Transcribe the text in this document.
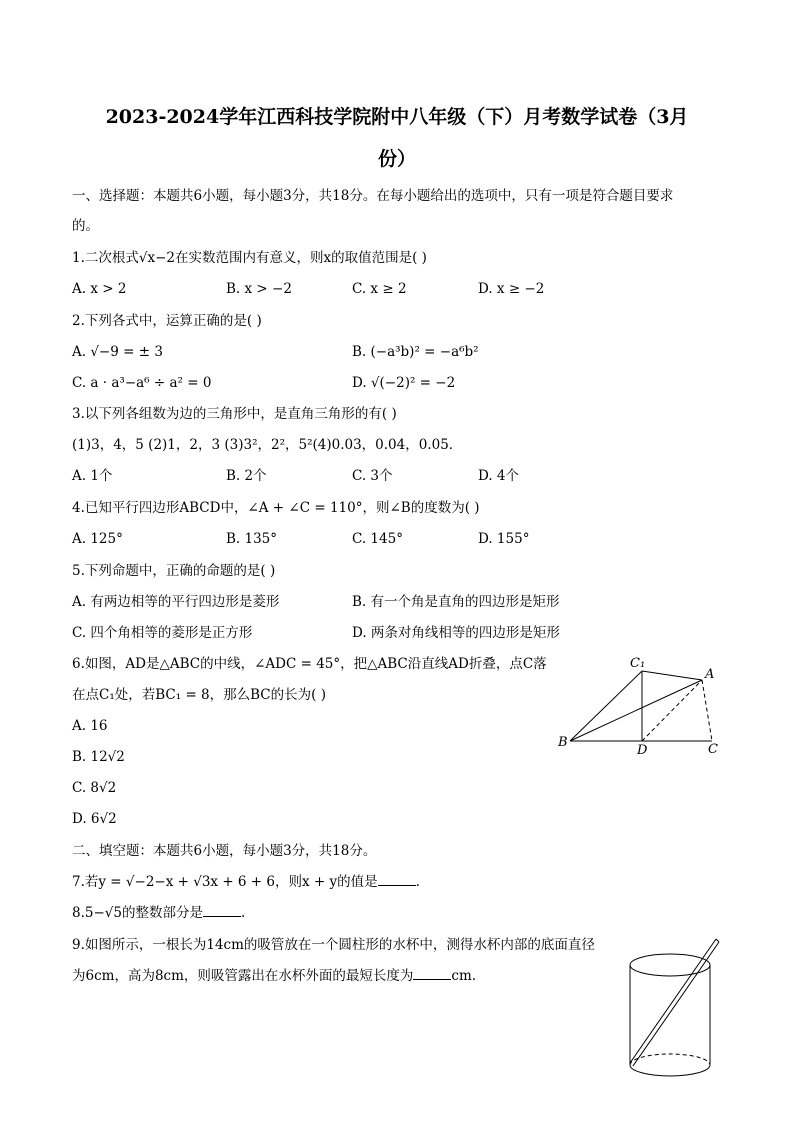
2023-2024学年江西科技学院附中八年级（下）月考数学试卷（3月
份）
一、选择题：本题共6小题，每小题3分，共18分。在每小题给出的选项中，只有一项是符合题目要求
的。
1.二次根式√x−2在实数范围内有意义，则x的取值范围是( )
A. x > 2	B. x > −2	C. x ≥ 2	D. x ≥ −2
2.下列各式中，运算正确的是( )
A. √−9 = ± 3	B. (−a³b)² = −a⁶b²
C. a · a³−a⁶ ÷ a² = 0	D. √(−2)² = −2
3.以下列各组数为边的三角形中，是直角三角形的有( )
(1)3，4，5 (2)1，2，3 (3)3²，2²，5²(4)0.03，0.04，0.05．
A. 1个	B. 2个	C. 3个	D. 4个
4.已知平行四边形ABCD中，∠A + ∠C = 110°，则∠B的度数为( )
A. 125°	B. 135°	C. 145°	D. 155°
5.下列命题中，正确的命题的是( )
A. 有两边相等的平行四边形是菱形	B. 有一个角是直角的四边形是矩形
C. 四个角相等的菱形是正方形	D. 两条对角线相等的四边形是矩形
6.如图，AD是△ABC的中线，∠ADC = 45°，把△ABC沿直线AD折叠，点C落
在点C₁处，若BC₁ = 8，那么BC的长为( )
A. 16
B. 12√2
C. 8√2
D. 6√2
C₁
A
B
D	C
二、填空题：本题共6小题，每小题3分，共18分。
7.若y = √−2−x + √3x + 6 + 6，则x + y的值是	.
8.5−√5的整数部分是	.
9.如图所示，一根长为14cm的吸管放在一个圆柱形的水杯中，测得水杯内部的底面直径
为6cm，高为8cm，则吸管露出在水杯外面的最短长度为	cm.
